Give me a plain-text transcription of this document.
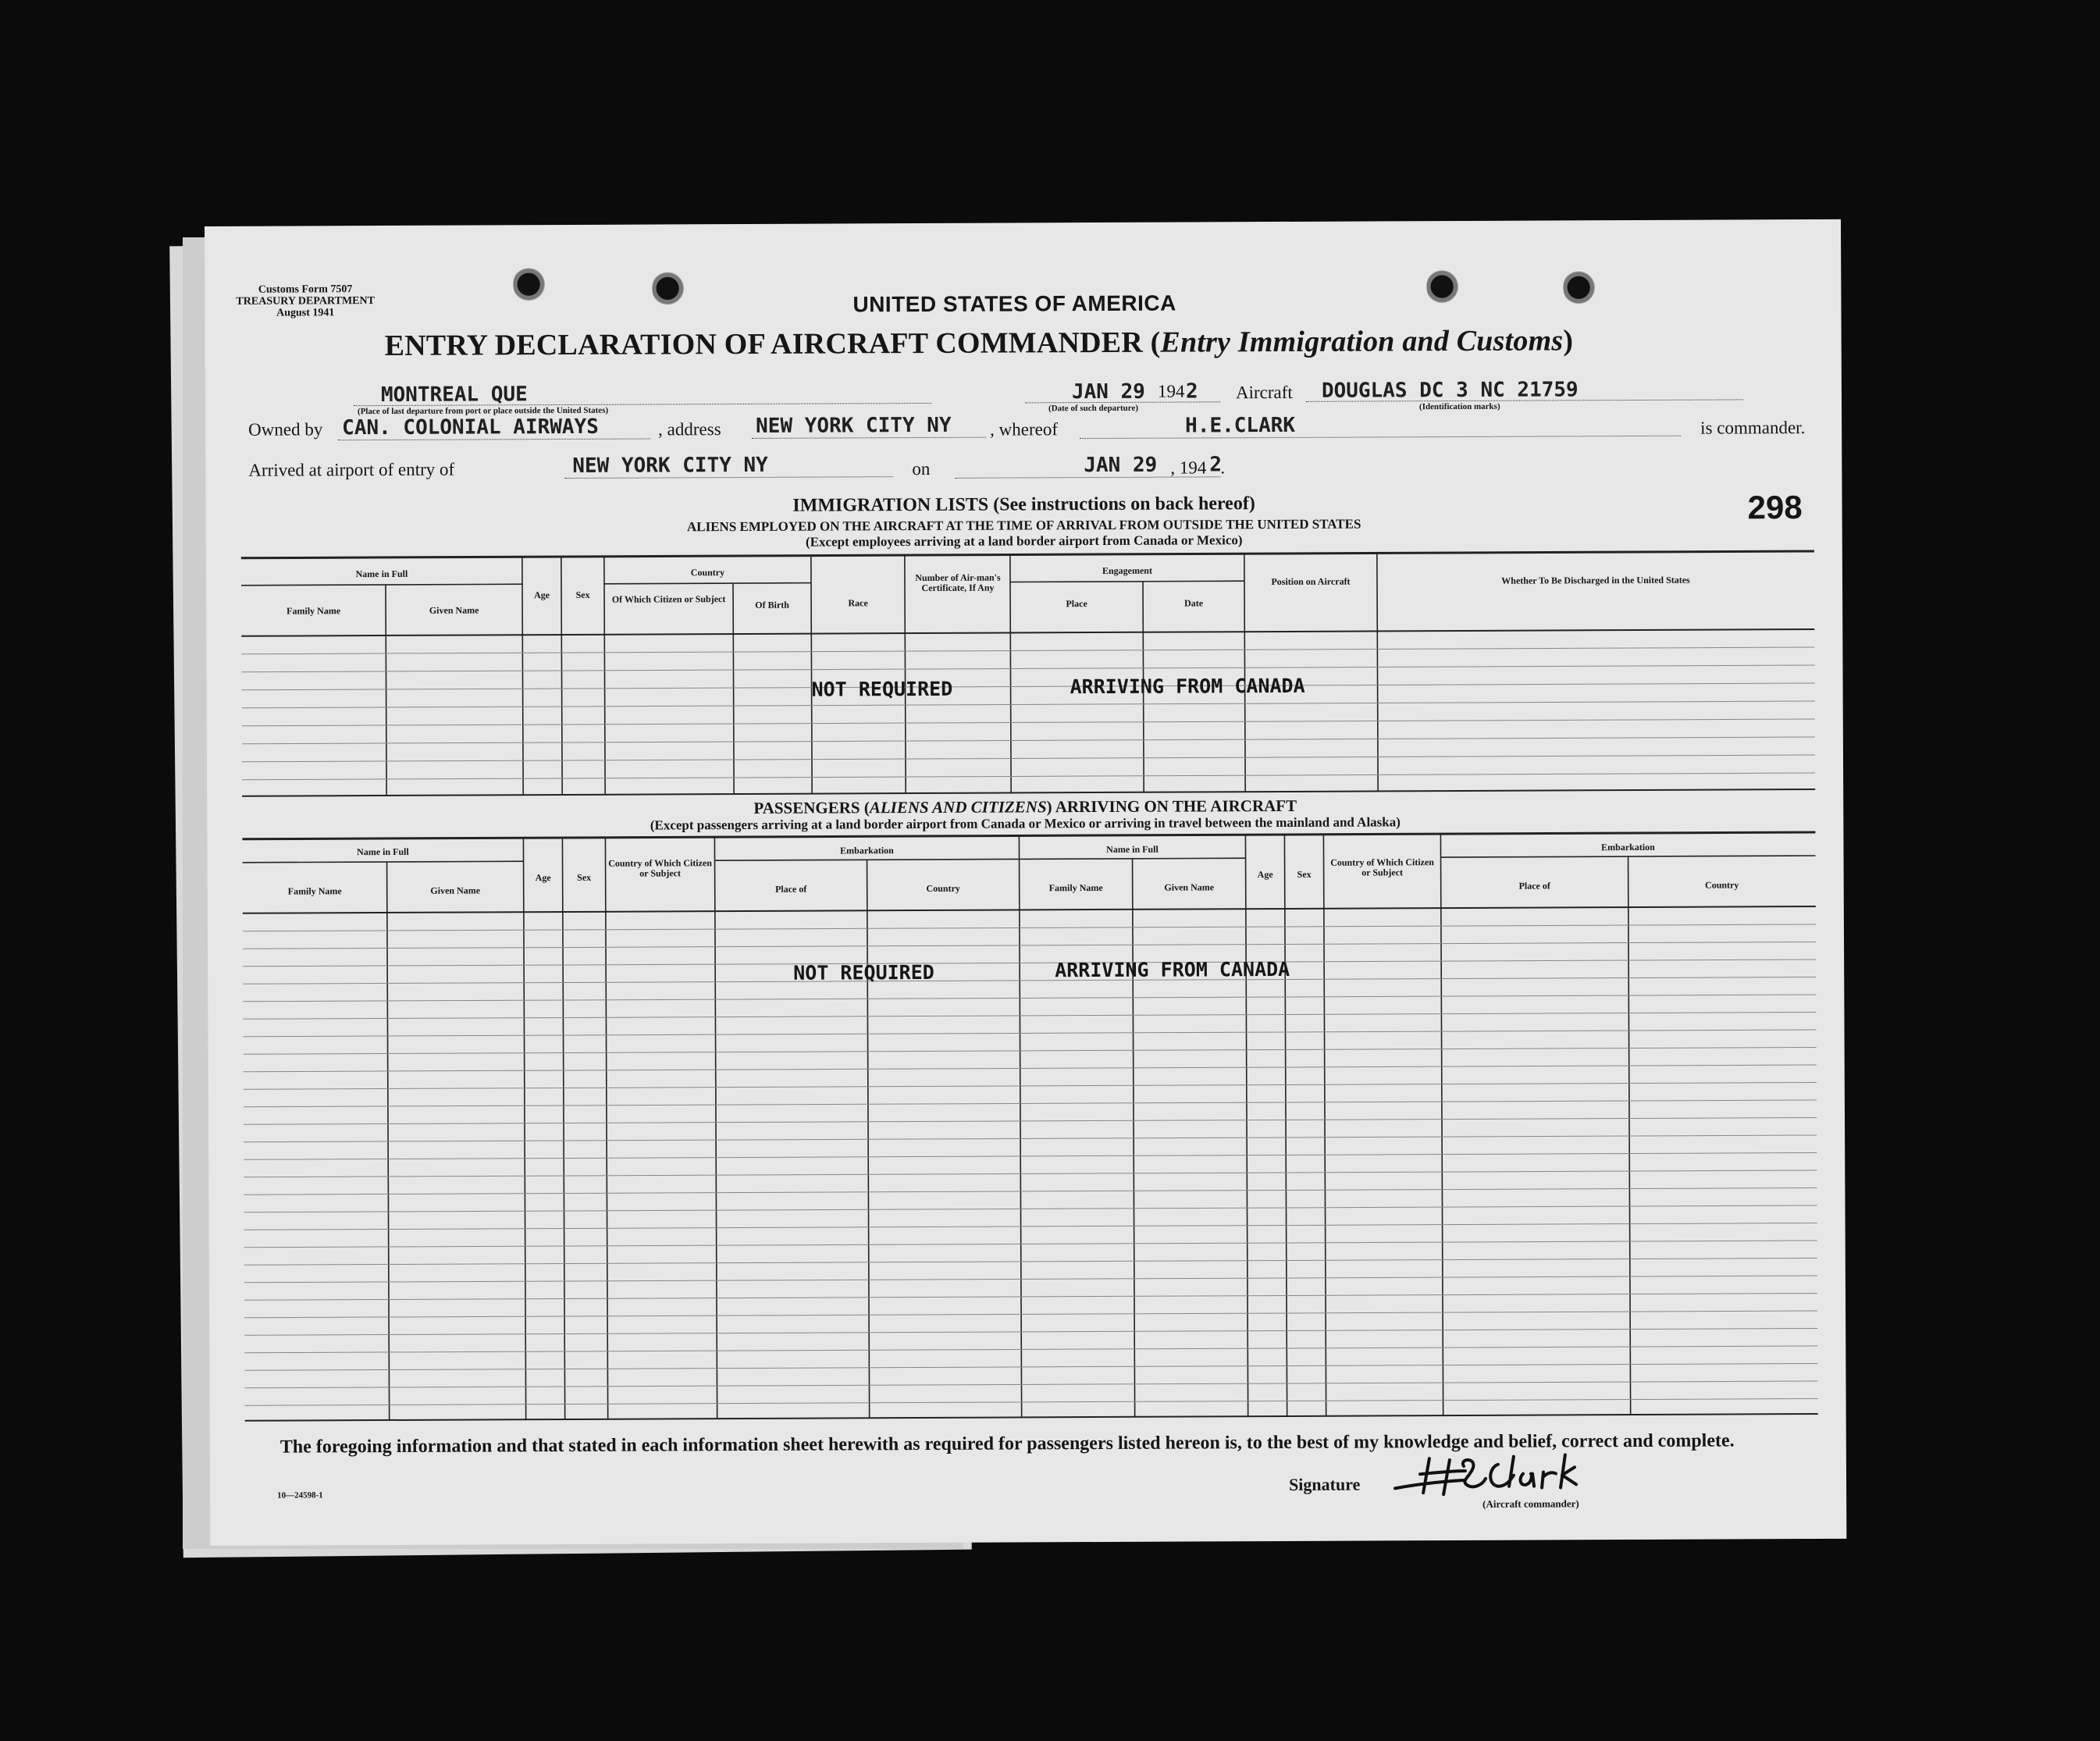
Customs Form 7507
TREASURY DEPARTMENT
August 1941	UNITED STATES OF AMERICA
ENTRY DECLARATION OF AIRCRAFT COMMANDER (Entry Immigration and Customs)
MONTREAL QUE
(Place of last departure from port or place outside the United States)
JAN 29 194 2
(Date of such departure)
Aircraft DOUGLAS DC 3 NC 21759
(Identification marks)
Owned by CAN. COLONIAL AIRWAYS	, address NEW YORK CITY NY , whereof	H.E.CLARK	is commander.
Arrived at airport of entry of	NEW YORK CITY NY	on	JAN 29 , 194 2
.
298
IMMIGRATION LISTS (See instructions on back hereof)
ALIENS EMPLOYED ON THE AIRCRAFT AT THE TIME OF ARRIVAL FROM OUTSIDE THE UNITED STATES
(Except employees arriving at a land border airport from Canada or Mexico)
Name in Full
Family Name	Given Name
Age	Sex
Country
Of Which Citizen or Subject
Of Birth	Race
Number of Air-man's Certificate, If Any
Engagement
Place	Date
Position on Aircraft	Whether To Be Discharged in the United States
NOT REQUIRED	ARRIVING FROM CANADA
PASSENGERS (ALIENS AND CITIZENS) ARRIVING ON THE AIRCRAFT
(Except passengers arriving at a land border airport from Canada or Mexico or arriving in travel between the mainland and Alaska)
Name in Full
Family Name	Given Name
Age	Sex
Country of Which Citizen or Subject
Embarkation
Place of	Country
Name in Full
Family Name	Given Name
Age	Sex
Country of Which Citizen or Subject
Embarkation
Place of	Country
NOT REQUIRED	ARRIVING FROM CANADA
The foregoing information and that stated in each information sheet herewith as required for passengers listed hereon is, to the best of my knowledge and belief, correct and complete.
10—24598-1
Signature
(Aircraft commander)
